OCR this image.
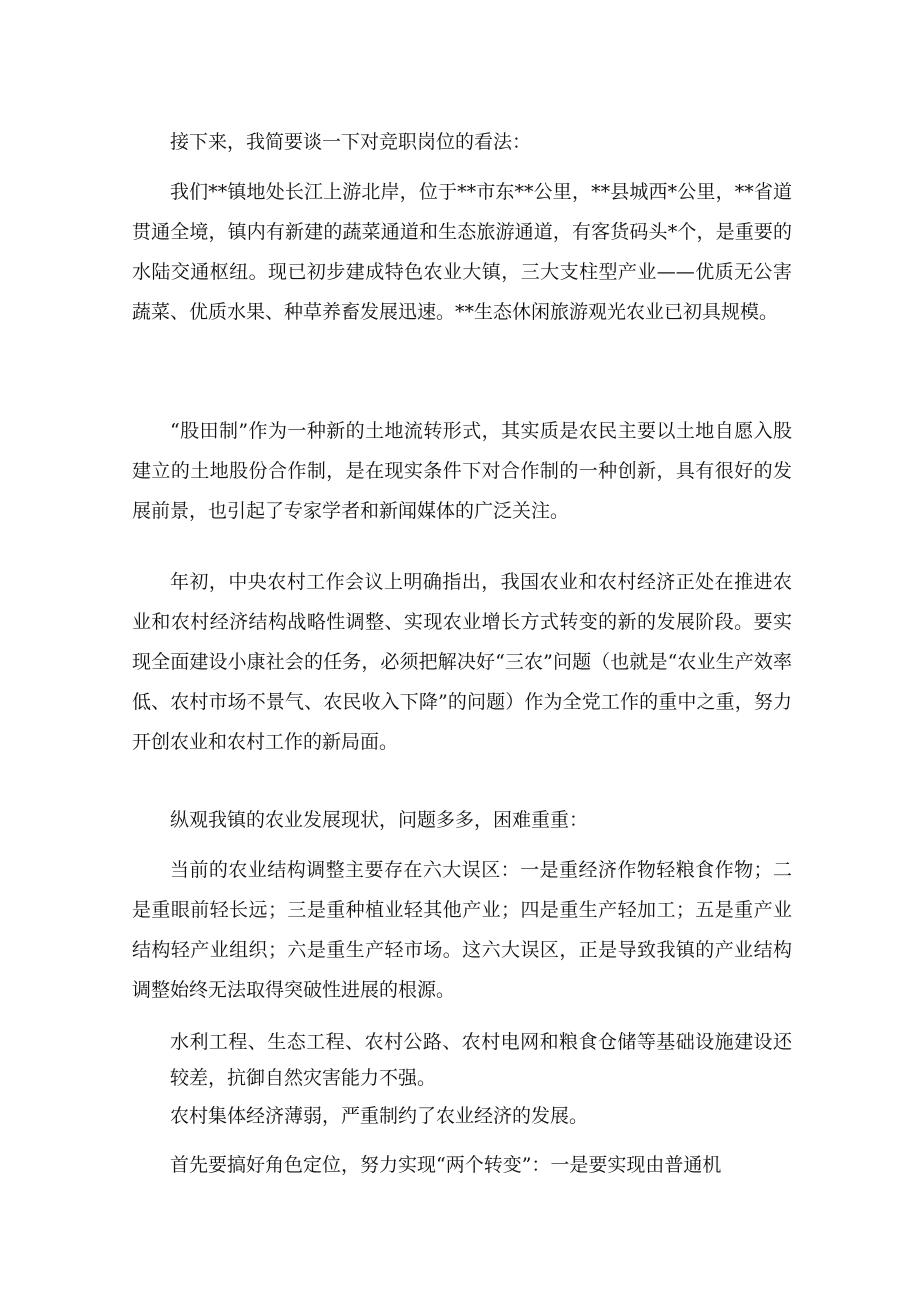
接下来，我简要谈一下对竞职岗位的看法：

我们**镇地处长江上游北岸，位于**市东**公里，**县城西*公里，**省道贯通全境，镇内有新建的蔬菜通道和生态旅游通道，有客货码头*个，是重要的水陆交通枢纽。现已初步建成特色农业大镇，三大支柱型产业——优质无公害蔬菜、优质水果、种草养畜发展迅速。**生态休闲旅游观光农业已初具规模。

“股田制”作为一种新的土地流转形式，其实质是农民主要以土地自愿入股建立的土地股份合作制，是在现实条件下对合作制的一种创新，具有很好的发展前景，也引起了专家学者和新闻媒体的广泛关注。

年初，中央农村工作会议上明确指出，我国农业和农村经济正处在推进农业和农村经济结构战略性调整、实现农业增长方式转变的新的发展阶段。要实现全面建设小康社会的任务，必须把解决好“三农”问题（也就是“农业生产效率低、农村市场不景气、农民收入下降”的问题）作为全党工作的重中之重，努力开创农业和农村工作的新局面。

纵观我镇的农业发展现状，问题多多，困难重重：

当前的农业结构调整主要存在六大误区：一是重经济作物轻粮食作物；二是重眼前轻长远；三是重种植业轻其他产业；四是重生产轻加工；五是重产业结构轻产业组织；六是重生产轻市场。这六大误区，正是导致我镇的产业结构调整始终无法取得突破性进展的根源。

水利工程、生态工程、农村公路、农村电网和粮食仓储等基础设施建设还较差，抗御自然灾害能力不强。

农村集体经济薄弱，严重制约了农业经济的发展。

首先要搞好角色定位，努力实现“两个转变”：一是要实现由普通机
